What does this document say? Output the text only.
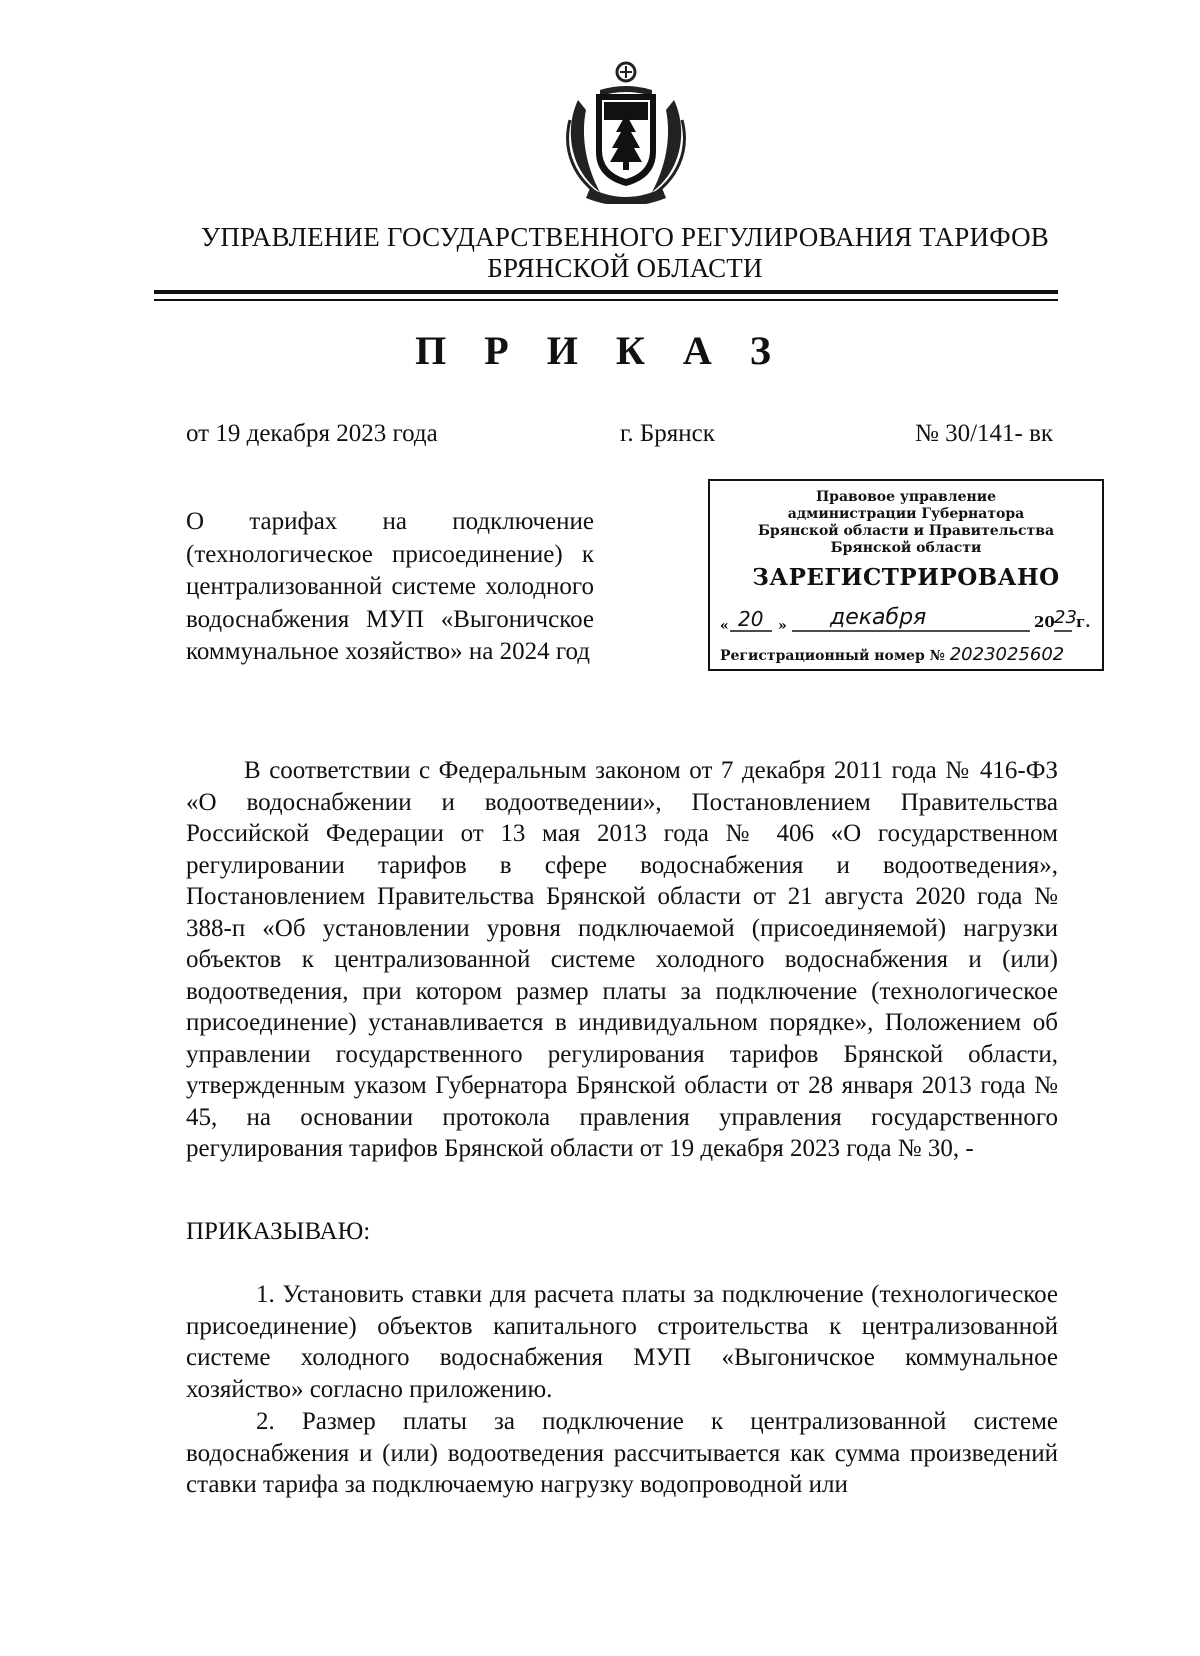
УПРАВЛЕНИЕ ГОСУДАРСТВЕННОГО РЕГУЛИРОВАНИЯ ТАРИФОВ
БРЯНСКОЙ ОБЛАСТИ
П Р И К А З
от 19 декабря 2023 года	г. Брянск	№ 30/141- вк
О тарифах на подключение (технологическое присоединение) к централизованной системе холодного водоснабжения МУП «Выгоничское коммунальное хозяйство» на 2024 год
Правовое управление
администрации Губернатора
Брянской области и Правительства
Брянской области
ЗАРЕГИСТРИРОВАНО
«	»
20	декабря	20 23 г.
Регистрационный номер № 2023025602
В соответствии с Федеральным законом от 7 декабря 2011 года № 416-ФЗ «О водоснабжении и водоотведении», Постановлением Правительства Российской Федерации от 13 мая 2013 года № 406 «О государственном регулировании тарифов в сфере водоснабжения и водоотведения», Постановлением Правительства Брянской области от 21 августа 2020 года № 388-п «Об установлении уровня подключаемой (присоединяемой) нагрузки объектов к централизованной системе холодного водоснабжения и (или) водоотведения, при котором размер платы за подключение (технологическое присоединение) устанавливается в индивидуальном порядке», Положением об управлении государственного регулирования тарифов Брянской области, утвержденным указом Губернатора Брянской области от 28 января 2013 года № 45, на основании протокола правления управления государственного регулирования тарифов Брянской области от 19 декабря 2023 года № 30, -
ПРИКАЗЫВАЮ:
1. Установить ставки для расчета платы за подключение (технологическое присоединение) объектов капитального строительства к централизованной системе холодного водоснабжения МУП «Выгоничское коммунальное хозяйство» согласно приложению.
2. Размер платы за подключение к централизованной системе водоснабжения и (или) водоотведения рассчитывается как сумма произведений ставки тарифа за подключаемую нагрузку водопроводной или
